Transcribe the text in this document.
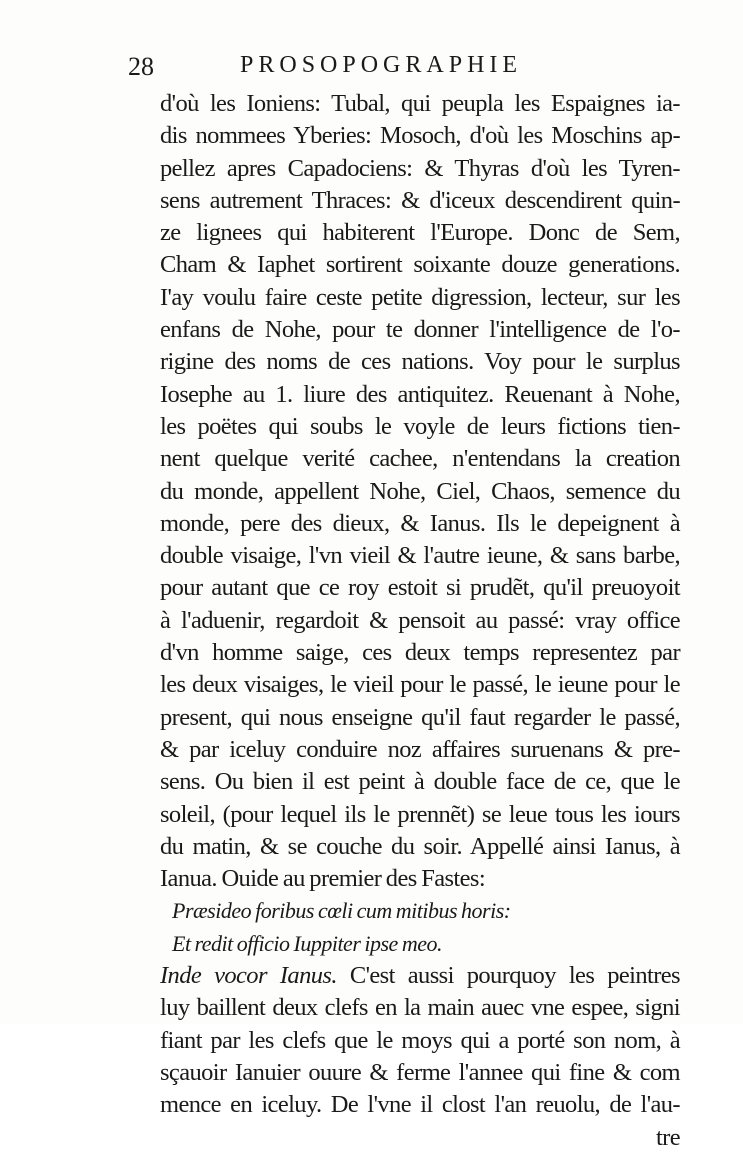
28	PROSOPOGRAPHIE
d'où les Ioniens: Tubal, qui peupla les Espaignes ia-
dis nommees Yberies: Mosoch, d'où les Moschins ap-
pellez apres Capadociens: & Thyras d'où les Tyren-
sens autrement Thraces: & d'iceux descendirent quin-
ze lignees qui habiterent l'Europe. Donc de Sem,
Cham & Iaphet sortirent soixante douze generations.
I'ay voulu faire ceste petite digression, lecteur, sur les
enfans de Nohe, pour te donner l'intelligence de l'o-
rigine des noms de ces nations. Voy pour le surplus
Iosephe au 1. liure des antiquitez. Reuenant à Nohe,
les poëtes qui soubs le voyle de leurs fictions tien-
nent quelque verité cachee, n'entendans la creation
du monde, appellent Nohe, Ciel, Chaos, semence du
monde, pere des dieux, & Ianus. Ils le depeignent à
double visaige, l'vn vieil & l'autre ieune, & sans barbe,
pour autant que ce roy estoit si prudẽt, qu'il preuoyoit
à l'aduenir, regardoit & pensoit au passé: vray office
d'vn homme saige, ces deux temps representez par
les deux visaiges, le vieil pour le passé, le ieune pour le
present, qui nous enseigne qu'il faut regarder le passé,
& par iceluy conduire noz affaires suruenans & pre-
sens. Ou bien il est peint à double face de ce, que le
soleil, (pour lequel ils le prennẽt) se leue tous les iours
du matin, & se couche du soir. Appellé ainsi Ianus, à
Ianua. Ouide au premier des Fastes:
Præsideo foribus cœli cum mitibus horis:
Et redit officio Iuppiter ipse meo.
Inde vocor Ianus. C'est aussi pourquoy les peintres
luy baillent deux clefs en la main auec vne espee, signi
fiant par les clefs que le moys qui a porté son nom, à
sçauoir Ianuier ouure & ferme l'annee qui fine & com
mence en iceluy. De l'vne il clost l'an reuolu, de l'au-
tre
